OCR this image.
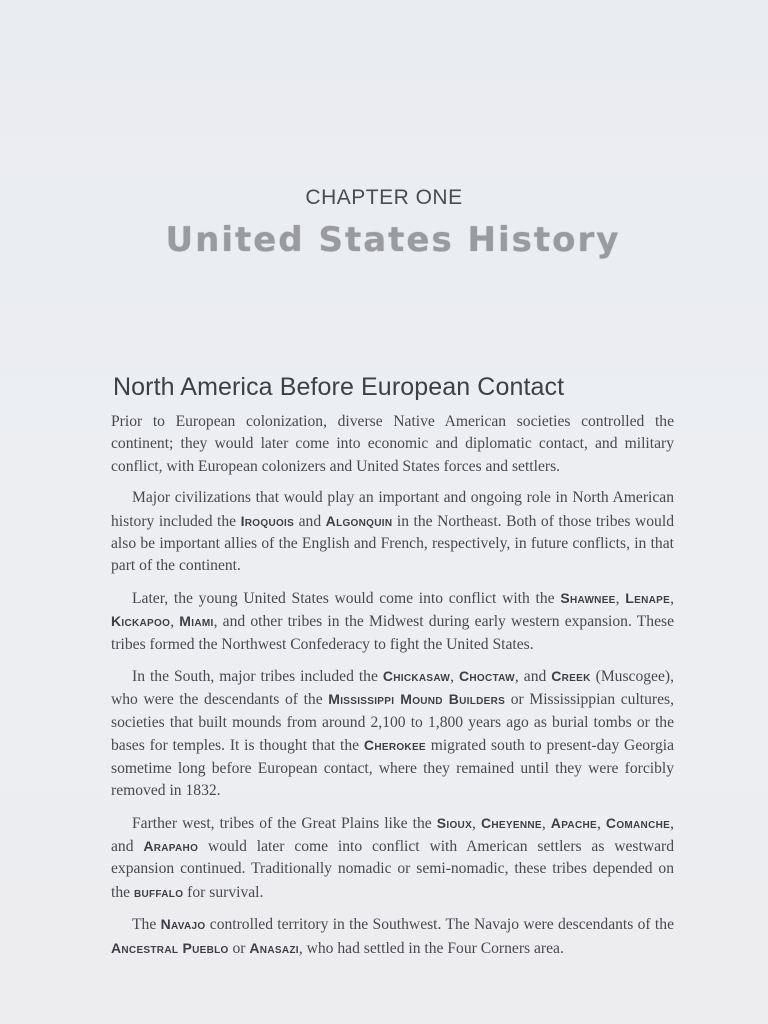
CHAPTER ONE
United States History
North America Before European Contact

Prior to European colonization, diverse Native American societies controlled the continent; they would later come into economic and diplomatic contact, and military conflict, with European colonizers and United States forces and settlers.

Major civilizations that would play an important and ongoing role in North American history included the Iroquois and Algonquin in the Northeast. Both of those tribes would also be important allies of the English and French, respectively, in future conflicts, in that part of the continent.

Later, the young United States would come into conflict with the Shawnee, Lenape, Kickapoo, Miami, and other tribes in the Midwest during early western expansion. These tribes formed the Northwest Confederacy to fight the United States.

In the South, major tribes included the Chickasaw, Choctaw, and Creek (Muscogee), who were the descendants of the Mississippi Mound Builders or Mississippian cultures, societies that built mounds from around 2,100 to 1,800 years ago as burial tombs or the bases for temples. It is thought that the Cherokee migrated south to present-day Georgia sometime long before European contact, where they remained until they were forcibly removed in 1832.

Farther west, tribes of the Great Plains like the Sioux, Cheyenne, Apache, Comanche, and Arapaho would later come into conflict with American settlers as westward expansion continued. Traditionally nomadic or semi-nomadic, these tribes depended on the buffalo for survival.

The Navajo controlled territory in the Southwest. The Navajo were descendants of the Ancestral Pueblo or Anasazi, who had settled in the Four Corners area.
